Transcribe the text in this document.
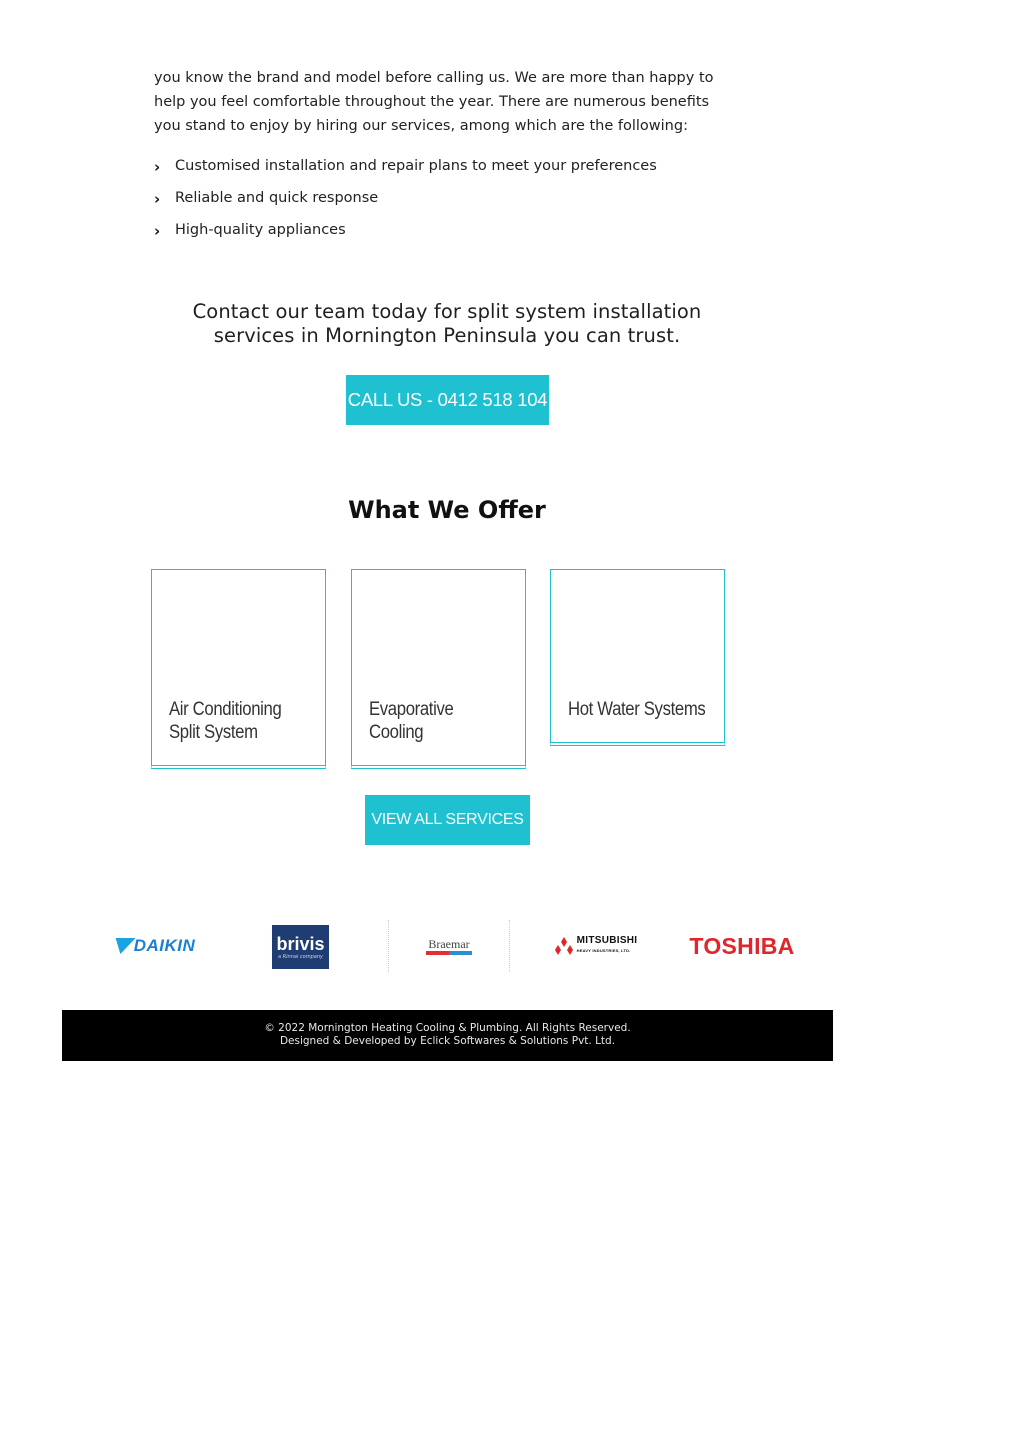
you know the brand and model before calling us. We are more than happy to help you feel comfortable throughout the year. There are numerous benefits you stand to enjoy by hiring our services, among which are the following:

› Customised installation and repair plans to meet your preferences
› Reliable and quick response
› High-quality appliances
Contact our team today for split system installation services in Mornington Peninsula you can trust.
CALL US - 0412 518 104
What We Offer
Air Conditioning Split System
Evaporative Cooling
Hot Water Systems
VIEW ALL SERVICES
DAIKIN	brivis
a Rinnai company
Braemar	MITSUBISHI
HEAVY INDUSTRIES, LTD.	TOSHIBA
© 2022 Mornington Heating Cooling & Plumbing. All Rights Reserved.
Designed & Developed by Eclick Softwares & Solutions Pvt. Ltd.
